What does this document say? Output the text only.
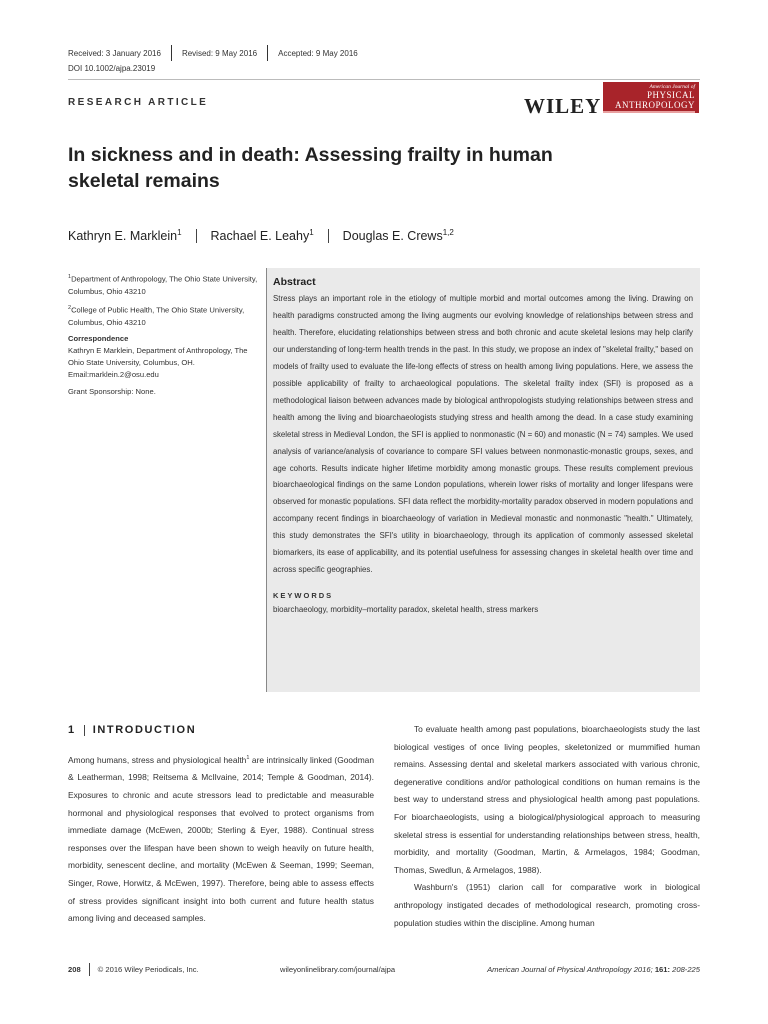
Received: 3 January 2016	Revised: 9 May 2016	Accepted: 9 May 2016
DOI 10.1002/ajpa.23019
RESEARCH ARTICLE	WILEY
American Journal of
PHYSICAL
ANTHROPOLOGY
In sickness and in death: Assessing frailty in human skeletal remains
Kathryn E. Marklein$^1$ Rachael E. Leahy$^1$ Douglas E. Crews$^{1,2}$
$^1$Department of Anthropology, The Ohio State University, Columbus, Ohio 43210
$^2$College of Public Health, The Ohio State University, Columbus, Ohio 43210
Correspondence
Kathryn E Marklein, Department of Anthropology, The Ohio State University, Columbus, OH.
Email:marklein.2@osu.edu
Grant Sponsorship: None.
Abstract

Stress plays an important role in the etiology of multiple morbid and mortal outcomes among the living. Drawing on health paradigms constructed among the living augments our evolving knowledge of relationships between stress and health. Therefore, elucidating relationships between stress and both chronic and acute skeletal lesions may help clarify our understanding of long-term health trends in the past. In this study, we propose an index of "skeletal frailty," based on models of frailty used to evaluate the life-long effects of stress on health among living populations. Here, we assess the possible applicability of frailty to archaeological populations. The skeletal frailty index (SFI) is proposed as a methodological liaison between advances made by biological anthropologists studying relationships between stress and health among the living and bioarchaeologists studying stress and health among the dead. In a case study examining skeletal stress in Medieval London, the SFI is applied to nonmonastic (N = 60) and monastic (N = 74) samples. We used analysis of variance/analysis of covariance to compare SFI values between nonmonastic-monastic groups, sexes, and age cohorts. Results indicate higher lifetime morbidity among monastic groups. These results complement previous bioarchaeological findings on the same London populations, wherein lower risks of mortality and longer lifespans were observed for monastic populations. SFI data reflect the morbidity-mortality paradox observed in modern populations and accompany recent findings in bioarchaeology of variation in Medieval monastic and nonmonastic "health." Ultimately, this study demonstrates the SFI's utility in bioarchaeology, through its application of commonly assessed skeletal biomarkers, its ease of applicability, and its potential usefulness for assessing changes in skeletal health over time and across specific geographies.

KEYWORDS
bioarchaeology, morbidity–mortality paradox, skeletal health, stress markers
1 INTRODUCTION

Among humans, stress and physiological health$^1$ are intrinsically linked (Goodman & Leatherman, 1998; Reitsema & McIlvaine, 2014; Temple & Goodman, 2014). Exposures to chronic and acute stressors lead to predictable and measurable hormonal and physiological responses that evolved to protect organisms from immediate damage (McEwen, 2000b; Sterling & Eyer, 1988). Continual stress responses over the lifespan have been shown to weigh heavily on future health, morbidity, senescent decline, and mortality (McEwen & Seeman, 1999; Seeman, Singer, Rowe, Horwitz, & McEwen, 1997). Therefore, being able to assess effects of stress provides significant insight into both current and future health status among living and deceased samples.

To evaluate health among past populations, bioarchaeologists study the last biological vestiges of once living peoples, skeletonized or mummified human remains. Assessing dental and skeletal markers associated with various chronic, degenerative conditions and/or pathological conditions on human remains is the best way to understand stress and physiological health among past populations. For bioarchaeologists, using a biological/physiological approach to measuring skeletal stress is essential for understanding relationships between stress, health, morbidity, and mortality (Goodman, Martin, & Armelagos, 1984; Goodman, Thomas, Swedlun, & Armelagos, 1988).

Washburn's (1951) clarion call for comparative work in biological anthropology instigated decades of methodological research, promoting cross-population studies within the discipline. Among human

208 © 2016 Wiley Periodicals, Inc.	wileyonlinelibrary.com/journal/ajpa	American Journal of Physical Anthropology 2016; 161: 208-225
